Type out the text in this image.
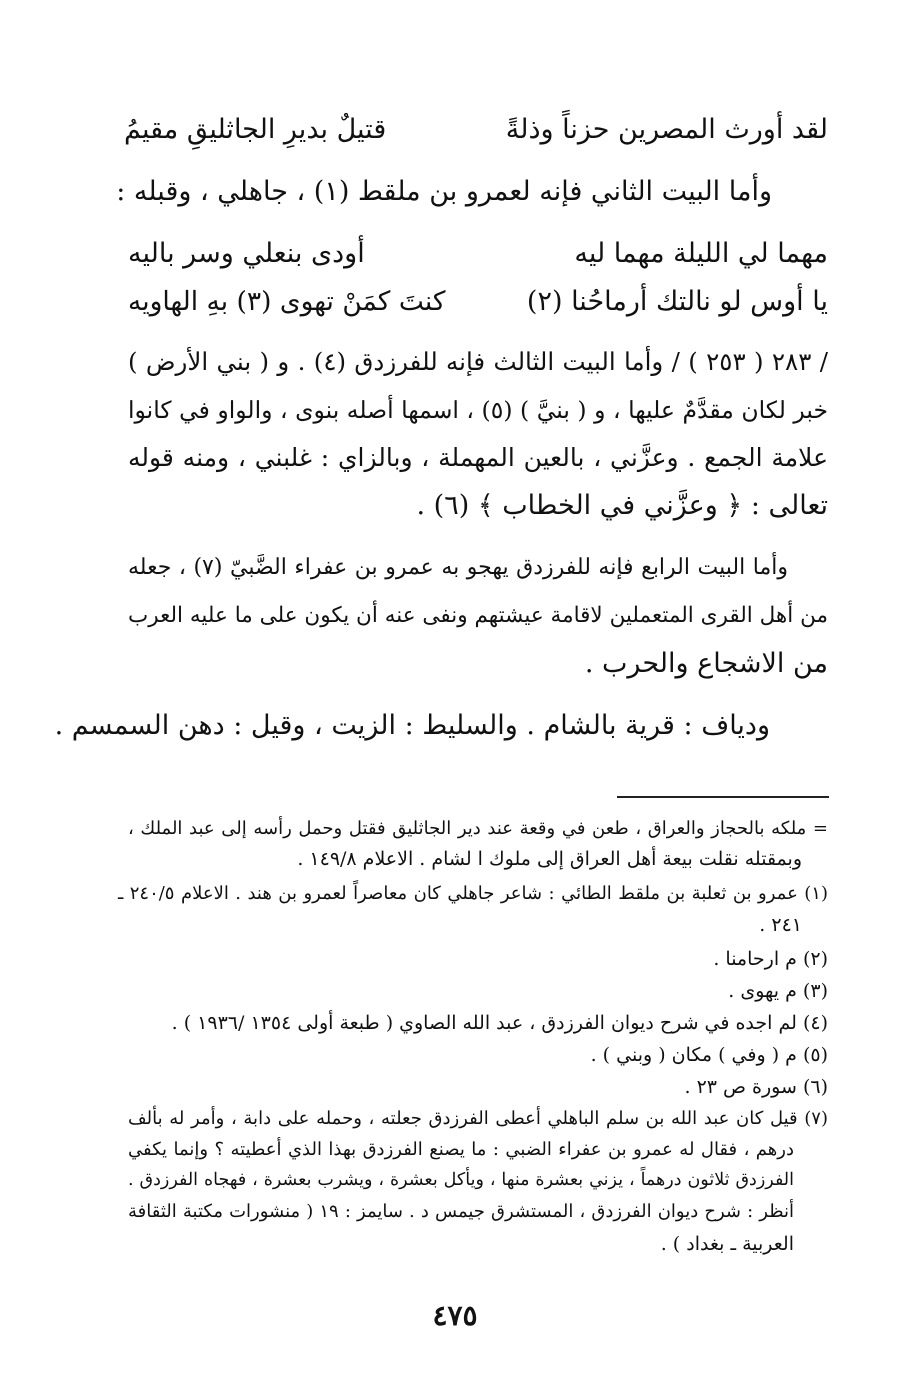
لقد أورث المصرين حزناً وذلةً
قتيلٌ بديرِ الجاثليقِ مقيمُ
وأما البيت الثاني فإنه لعمرو بن ملقط (١) ، جاهلي ، وقبله :
مهما لي الليلة مهما ليه
أودى بنعلي وسر باليه
يا أوس لو نالتك أرماحُنا (٢)
كنتَ كمَنْ تهوى (٣) بهِ الهاويه
/ ٢٨٣ ( ٢٥٣ ) / وأما البيت الثالث فإنه للفرزدق (٤) . و ( بني الأرض )
خبر لكان مقدَّمٌ عليها ، و ( بنيَّ ) (٥) ، اسمها أصله بنوى ، والواو في كانوا
علامة الجمع . وعزَّني ، بالعين المهملة ، وبالزاي : غلبني ، ومنه قوله
تعالى : ﴿ وعزَّني في الخطاب ﴾ (٦) .
وأما البيت الرابع فإنه للفرزدق يهجو به عمرو بن عفراء الضَّبيّ (٧) ، جعله
من أهل القرى المتعملين لاقامة عيشتهم ونفى عنه أن يكون على ما عليه العرب
من الاشجاع والحرب .
ودياف : قرية بالشام . والسليط : الزيت ، وقيل : دهن السمسم .
= ملكه بالحجاز والعراق ، طعن في وقعة عند دير الجاثليق فقتل وحمل رأسه إلى عبد الملك ،
وبمقتله نقلت بيعة أهل العراق إلى ملوك ا لشام . الاعلام ١٤٩/٨ .
(١) عمرو بن ثعلبة بن ملقط الطائي : شاعر جاهلي كان معاصراً لعمرو بن هند . الاعلام ٢٤٠/٥ ـ
٢٤١ .
(٢) م ارحامنا .
(٣) م يهوى .
(٤) لم اجده في شرح ديوان الفرزدق ، عبد الله الصاوي ( طبعة أولى ١٣٥٤ /١٩٣٦ ) .
(٥) م ( وفي ) مكان ( وبني ) .
(٦) سورة ص ٢٣ .
(٧) قيل كان عبد الله بن سلم الباهلي أعطى الفرزدق جعلته ، وحمله على دابة ، وأمر له بألف
درهم ، فقال له عمرو بن عفراء الضبي : ما يصنع الفرزدق بهذا الذي أعطيته ؟ وإنما يكفي
الفرزدق ثلاثون درهماً ، يزني بعشرة منها ، ويأكل بعشرة ، ويشرب بعشرة ، فهجاه الفرزدق .
أنظر : شرح ديوان الفرزدق ، المستشرق جيمس د . سايمز : ١٩ ( منشورات مكتبة الثقافة
العربية ـ بغداد ) .
٤٧٥
